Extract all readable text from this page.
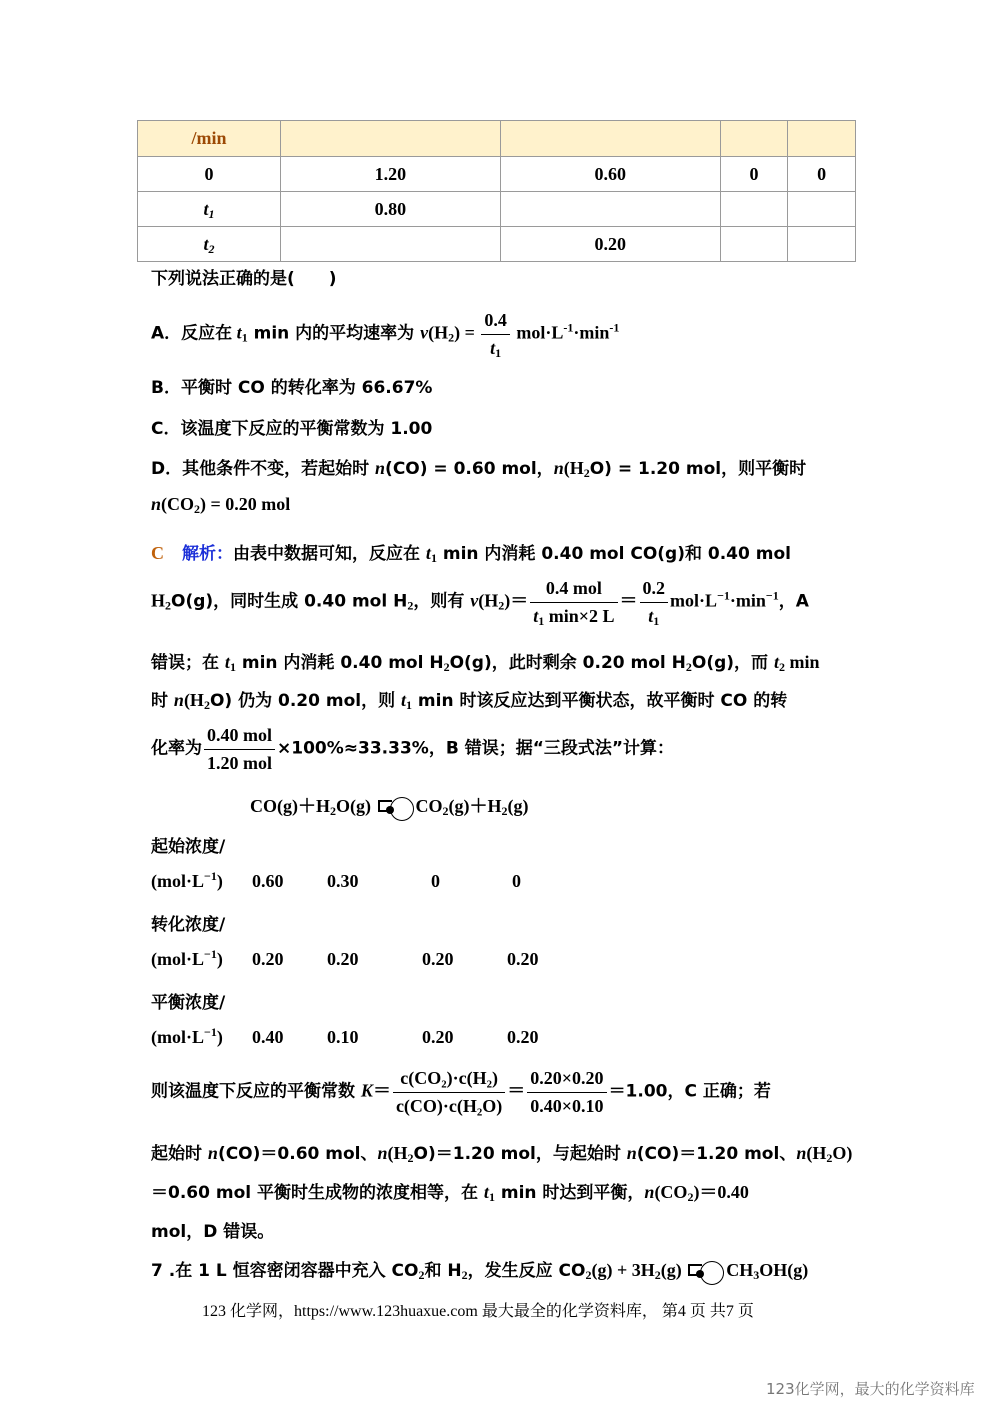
/min				
0	1.20	0.60	0	0
$t_1$	0.80			
$t_2$		0.20		
下列说法正确的是(　　)
A．反应在 $t_1$ min 内的平均速率为 $v(H_2) = \frac{0.4}{t_1} mol\cdot L^{-1}\cdot\min^{-1}$
B．平衡时 CO 的转化率为 66.67%
C．该温度下反应的平衡常数为 1.00
D．其他条件不变，若起始时 n(CO) = 0.60 mol，$n(H_2O) = 1.20$ mol，则平衡时
$n(CO_2) = 0.20$ mol
C 解析：由表中数据可知，反应在 $t_1$ min 内消耗 0.40 mol CO(g)和 0.40 mol
$H_2O(g)$，同时生成 0.40 mol $H_2$，则有 $v(H_2)= \frac{\text{0.4 mol}}{t_1 \min\times 2 L} = \frac{0.2}{t_1} mol\cdot L^{-1}\cdot\min^{-1}$，A
错误；在 $t_1$ min 内消耗 0.40 mol $H_2O(g)$，此时剩余 0.20 mol $H_2O(g)$，而 $t_2$ min
时 $n(H_2O)$ 仍为 0.20 mol，则 $t_1$ min 时该反应达到平衡状态，故平衡时 CO 的转
化率为 $\frac{\text{0.40 mol}}{\text{1.20 mol}} \times 100\%\approx 33.33\%$，B 错误；据“三段式法”计算：
$CO(g)+H_2O(g)$ $CO_2(g)+H_2(g)$
起始浓度/
$(mol\cdot L^{-1})$ 0.60 0.30	0	0
转化浓度/
$(mol\cdot L^{-1})$ 0.20 0.20	0.20	0.20
平衡浓度/
$(mol\cdot L^{-1})$ 0.40 0.10	0.20	0.20
则该温度下反应的平衡常数 $K= \frac{\text{c(CO₂)·c(H₂)}}{\text{c(CO)·c(H₂O)}} = \frac{0.20\times 0.20}{0.40\times 0.10} =1.00$，C 正确；若
起始时 n(CO)＝0.60 mol、$n(H_2O)=1.20$ mol，与起始时 n(CO)＝1.20 mol、$n(H_2O)$
＝0.60 mol 平衡时生成物的浓度相等，在 $t_1$ min 时达到平衡，$n(CO_2)=0.40$
mol，D 错误。
7 .在 1 L 恒容密闭容器中充入 $CO_2$和 $H_2$，发生反应 $CO_2(g) + 3H_2(g)$ $CH_3OH(g)$
123 化学网，https://www.123huaxue.com 最大最全的化学资料库， 第4 页 共7 页
123化学网，最大的化学资料库
